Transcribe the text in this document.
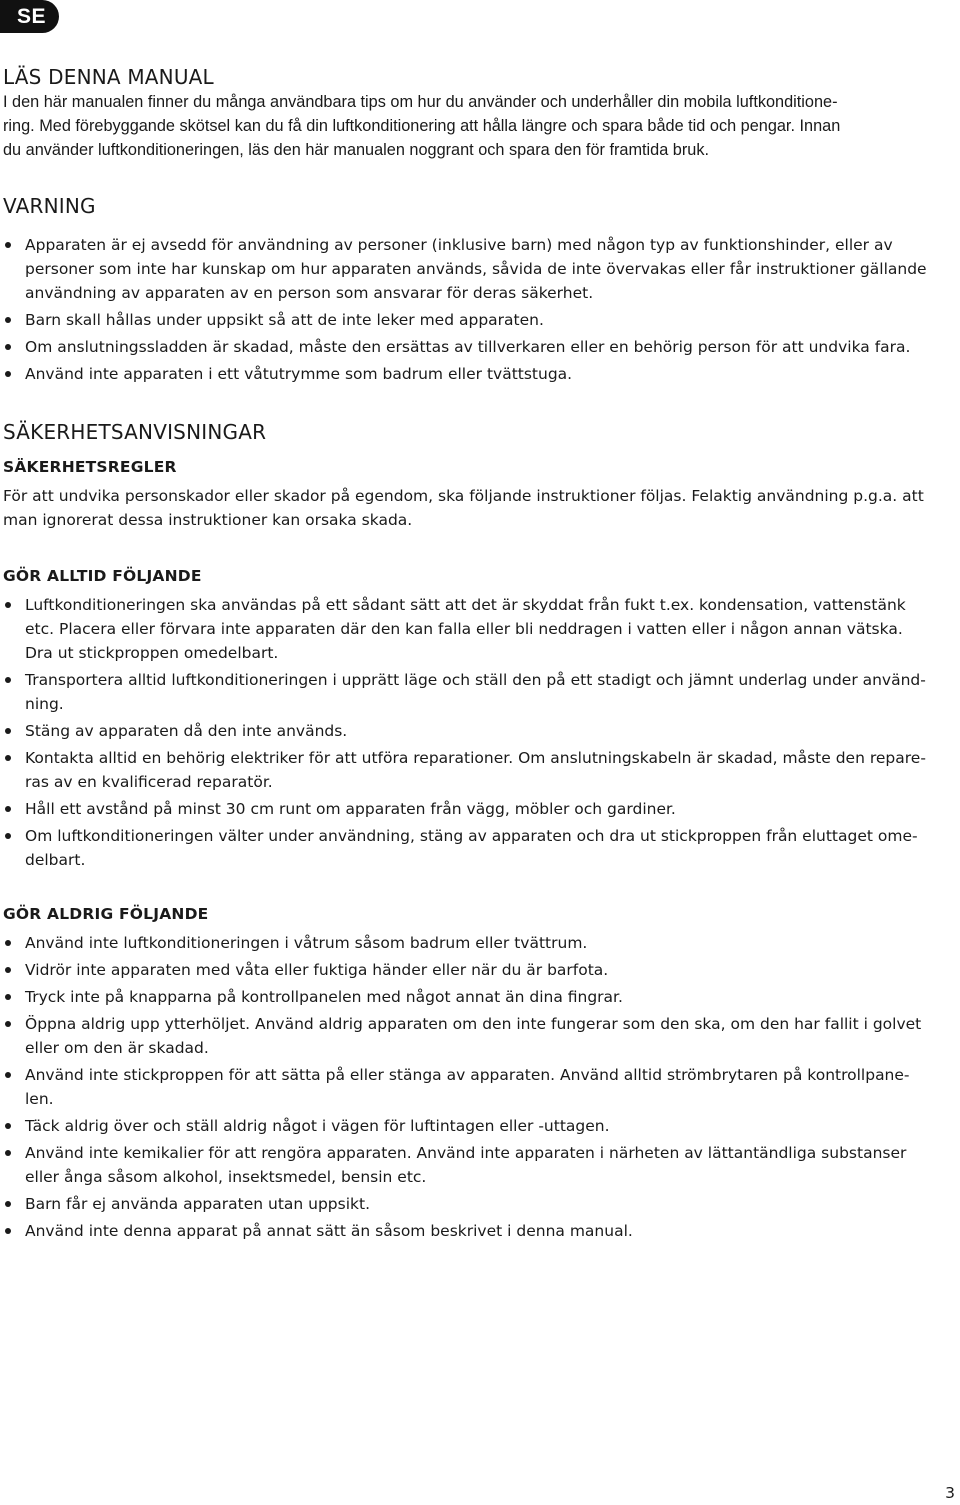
SE
LÄS DENNA MANUAL

I den här manualen finner du många användbara tips om hur du använder och underhåller din mobila luftkonditione-
ring. Med förebyggande skötsel kan du få din luftkonditionering att hålla längre och spara både tid och pengar. Innan
du använder luftkonditioneringen, läs den här manualen noggrant och spara den för framtida bruk.

VARNING
Apparaten är ej avsedd för användning av personer (inklusive barn) med någon typ av funktionshinder, eller av
personer som inte har kunskap om hur apparaten används, såvida de inte övervakas eller får instruktioner gällande
användning av apparaten av en person som ansvarar för deras säkerhet.
Barn skall hållas under uppsikt så att de inte leker med apparaten.
Om anslutningssladden är skadad, måste den ersättas av tillverkaren eller en behörig person för att undvika fara.
Använd inte apparaten i ett våtutrymme som badrum eller tvättstuga.
SÄKERHETSANVISNINGAR
SÄKERHETSREGLER

För att undvika personskador eller skador på egendom, ska följande instruktioner följas. Felaktig användning p.g.a. att
man ignorerat dessa instruktioner kan orsaka skada.

GÖR ALLTID FÖLJANDE
Luftkonditioneringen ska användas på ett sådant sätt att det är skyddat från fukt t.ex. kondensation, vattenstänk
etc. Placera eller förvara inte apparaten där den kan falla eller bli neddragen i vatten eller i någon annan vätska.
Dra ut stickproppen omedelbart.
Transportera alltid luftkonditioneringen i upprätt läge och ställ den på ett stadigt och jämnt underlag under använd-
ning.
Stäng av apparaten då den inte används.
Kontakta alltid en behörig elektriker för att utföra reparationer. Om anslutningskabeln är skadad, måste den repare-
ras av en kvalificerad reparatör.
Håll ett avstånd på minst 30 cm runt om apparaten från vägg, möbler och gardiner.
Om luftkonditioneringen välter under användning, stäng av apparaten och dra ut stickproppen från eluttaget ome-
delbart.
GÖR ALDRIG FÖLJANDE
Använd inte luftkonditioneringen i våtrum såsom badrum eller tvättrum.
Vidrör inte apparaten med våta eller fuktiga händer eller när du är barfota.
Tryck inte på knapparna på kontrollpanelen med något annat än dina fingrar.
Öppna aldrig upp ytterhöljet. Använd aldrig apparaten om den inte fungerar som den ska, om den har fallit i golvet
eller om den är skadad.
Använd inte stickproppen för att sätta på eller stänga av apparaten. Använd alltid strömbrytaren på kontrollpane-
len.
Täck aldrig över och ställ aldrig något i vägen för luftintagen eller -uttagen.
Använd inte kemikalier för att rengöra apparaten. Använd inte apparaten i närheten av lättantändliga substanser
eller ånga såsom alkohol, insektsmedel, bensin etc.
Barn får ej använda apparaten utan uppsikt.
Använd inte denna apparat på annat sätt än såsom beskrivet i denna manual.
3
